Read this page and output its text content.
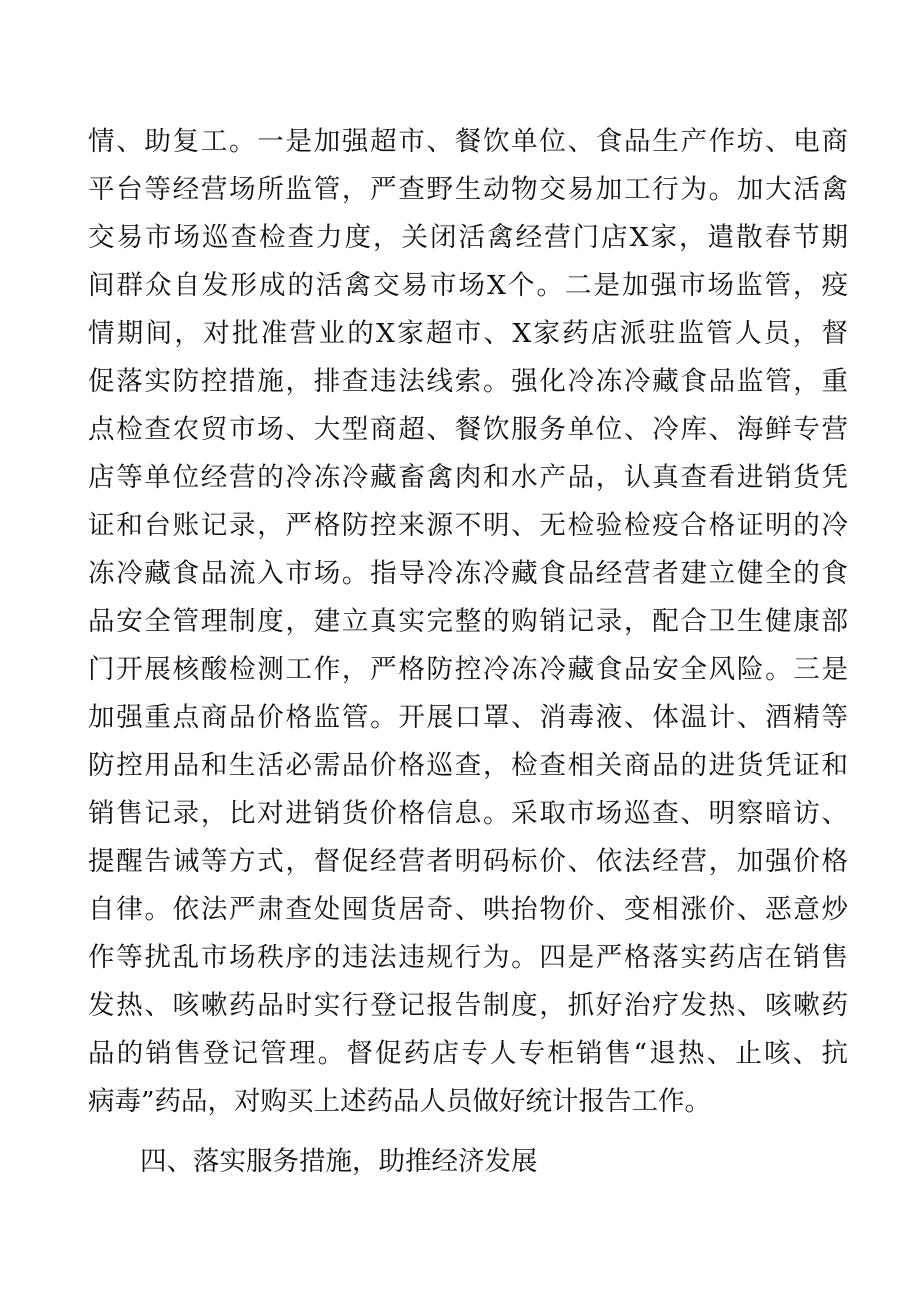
情、助复工。一是加强超市、餐饮单位、食品生产作坊、电商
平台等经营场所监管，严查野生动物交易加工行为。加大活禽
交易市场巡查检查力度，关闭活禽经营门店X家，遣散春节期
间群众自发形成的活禽交易市场X个。二是加强市场监管，疫
情期间，对批准营业的X家超市、X家药店派驻监管人员，督
促落实防控措施，排查违法线索。强化冷冻冷藏食品监管，重
点检查农贸市场、大型商超、餐饮服务单位、冷库、海鲜专营
店等单位经营的冷冻冷藏畜禽肉和水产品，认真查看进销货凭
证和台账记录，严格防控来源不明、无检验检疫合格证明的冷
冻冷藏食品流入市场。指导冷冻冷藏食品经营者建立健全的食
品安全管理制度，建立真实完整的购销记录，配合卫生健康部
门开展核酸检测工作，严格防控冷冻冷藏食品安全风险。三是
加强重点商品价格监管。开展口罩、消毒液、体温计、酒精等
防控用品和生活必需品价格巡查，检查相关商品的进货凭证和
销售记录，比对进销货价格信息。采取市场巡查、明察暗访、
提醒告诫等方式，督促经营者明码标价、依法经营，加强价格
自律。依法严肃查处囤货居奇、哄抬物价、变相涨价、恶意炒
作等扰乱市场秩序的违法违规行为。四是严格落实药店在销售
发热、咳嗽药品时实行登记报告制度，抓好治疗发热、咳嗽药
品的销售登记管理。督促药店专人专柜销售“退热、止咳、抗
病毒”药品，对购买上述药品人员做好统计报告工作。
四、落实服务措施，助推经济发展
